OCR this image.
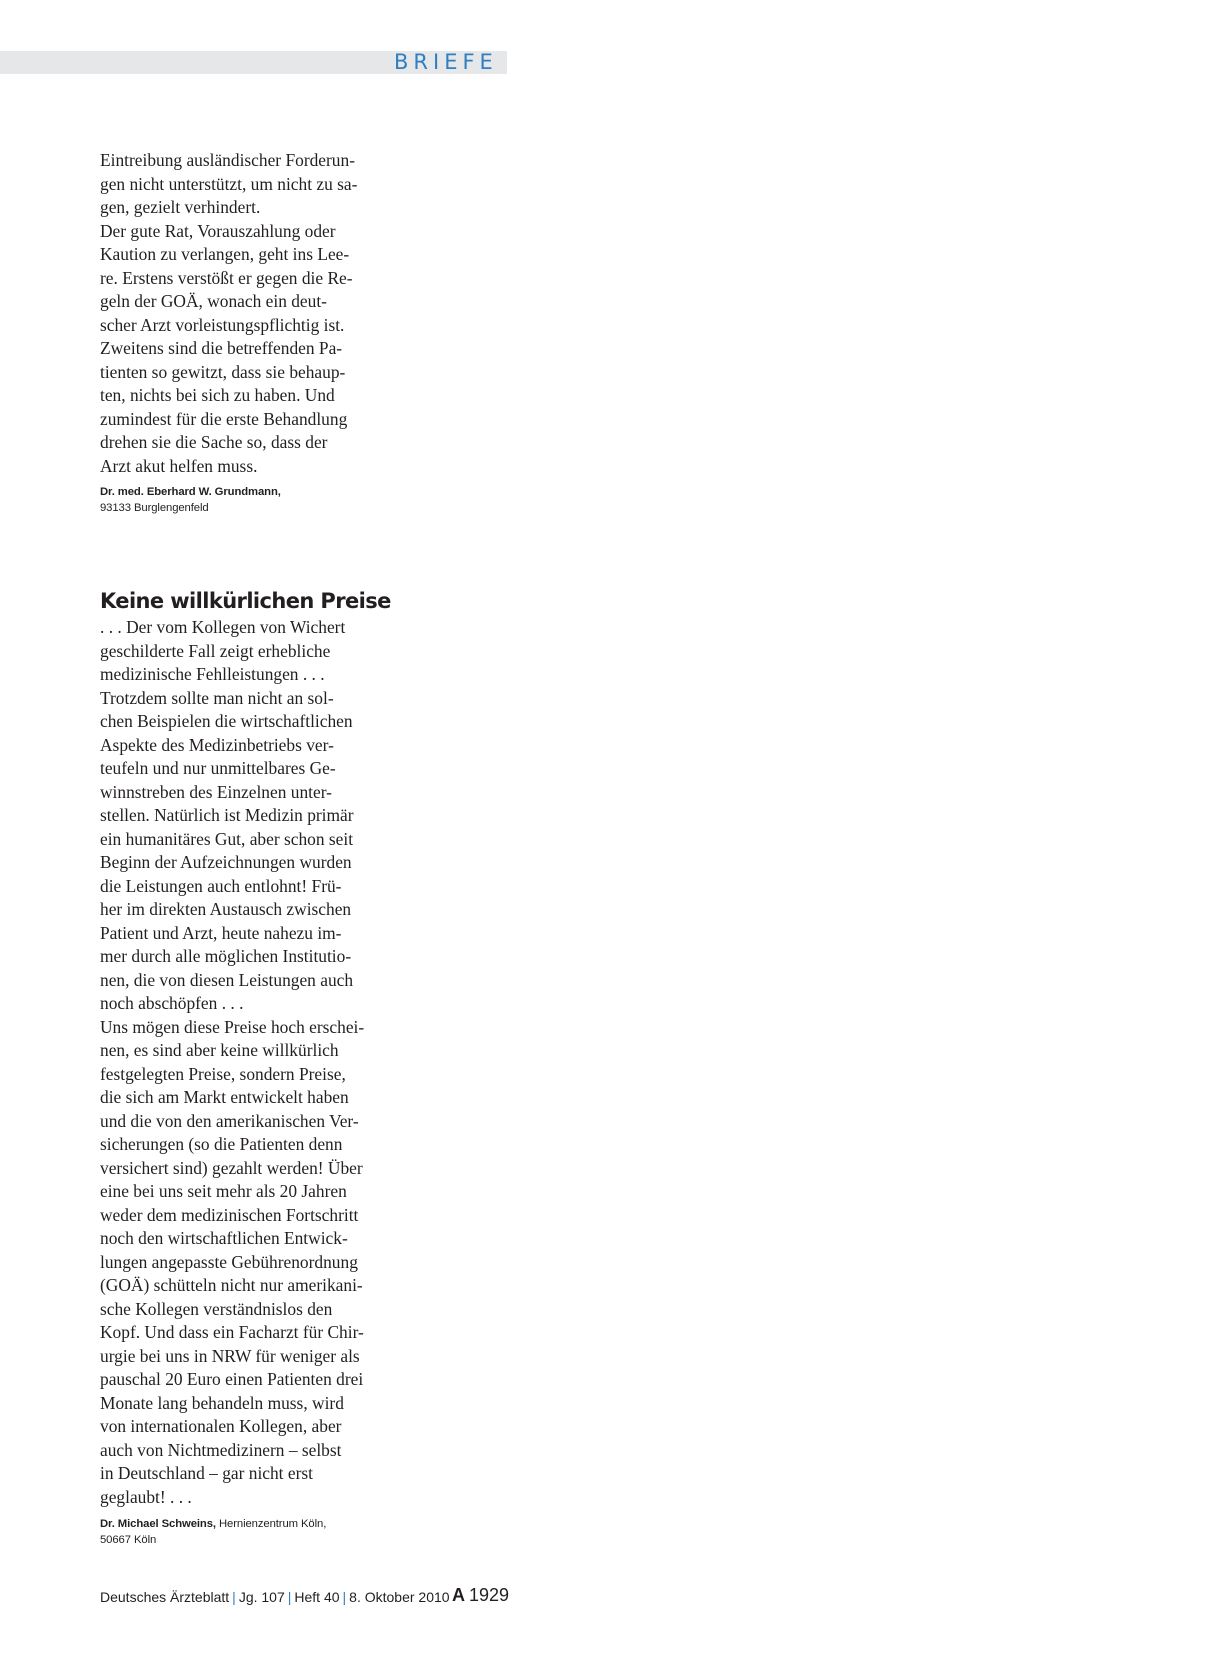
BRIEFE
Eintreibung ausländischer Forderun-
gen nicht unterstützt, um nicht zu sa-
gen, gezielt verhindert.
Der gute Rat, Vorauszahlung oder
Kaution zu verlangen, geht ins Lee-
re. Erstens verstößt er gegen die Re-
geln der GOÄ, wonach ein deut-
scher Arzt vorleistungspflichtig ist.
Zweitens sind die betreffenden Pa-
tienten so gewitzt, dass sie behaup-
ten, nichts bei sich zu haben. Und
zumindest für die erste Behandlung
drehen sie die Sache so, dass der
Arzt akut helfen muss.
Dr. med. Eberhard W. Grundmann,
93133 Burglengenfeld
Keine willkürlichen Preise
. . . Der vom Kollegen von Wichert
geschilderte Fall zeigt erhebliche
medizinische Fehlleistungen . . .
Trotzdem sollte man nicht an sol-
chen Beispielen die wirtschaftlichen
Aspekte des Medizinbetriebs ver-
teufeln und nur unmittelbares Ge-
winnstreben des Einzelnen unter-
stellen. Natürlich ist Medizin primär
ein humanitäres Gut, aber schon seit
Beginn der Aufzeichnungen wurden
die Leistungen auch entlohnt! Frü-
her im direkten Austausch zwischen
Patient und Arzt, heute nahezu im-
mer durch alle möglichen Institutio-
nen, die von diesen Leistungen auch
noch abschöpfen . . .
Uns mögen diese Preise hoch erschei-
nen, es sind aber keine willkürlich
festgelegten Preise, sondern Preise,
die sich am Markt entwickelt haben
und die von den amerikanischen Ver-
sicherungen (so die Patienten denn
versichert sind) gezahlt werden! Über
eine bei uns seit mehr als 20 Jahren
weder dem medizinischen Fortschritt
noch den wirtschaftlichen Entwick-
lungen angepasste Gebührenordnung
(GOÄ) schütteln nicht nur amerikani-
sche Kollegen verständnislos den
Kopf. Und dass ein Facharzt für Chir-
urgie bei uns in NRW für weniger als
pauschal 20 Euro einen Patienten drei
Monate lang behandeln muss, wird
von internationalen Kollegen, aber
auch von Nichtmedizinern – selbst
in Deutschland – gar nicht erst
geglaubt! . . .
Dr. Michael Schweins, Hernienzentrum Köln,
50667 Köln
Deutsches Ärzteblatt | Jg. 107 | Heft 40 | 8. Oktober 2010 A 1929
